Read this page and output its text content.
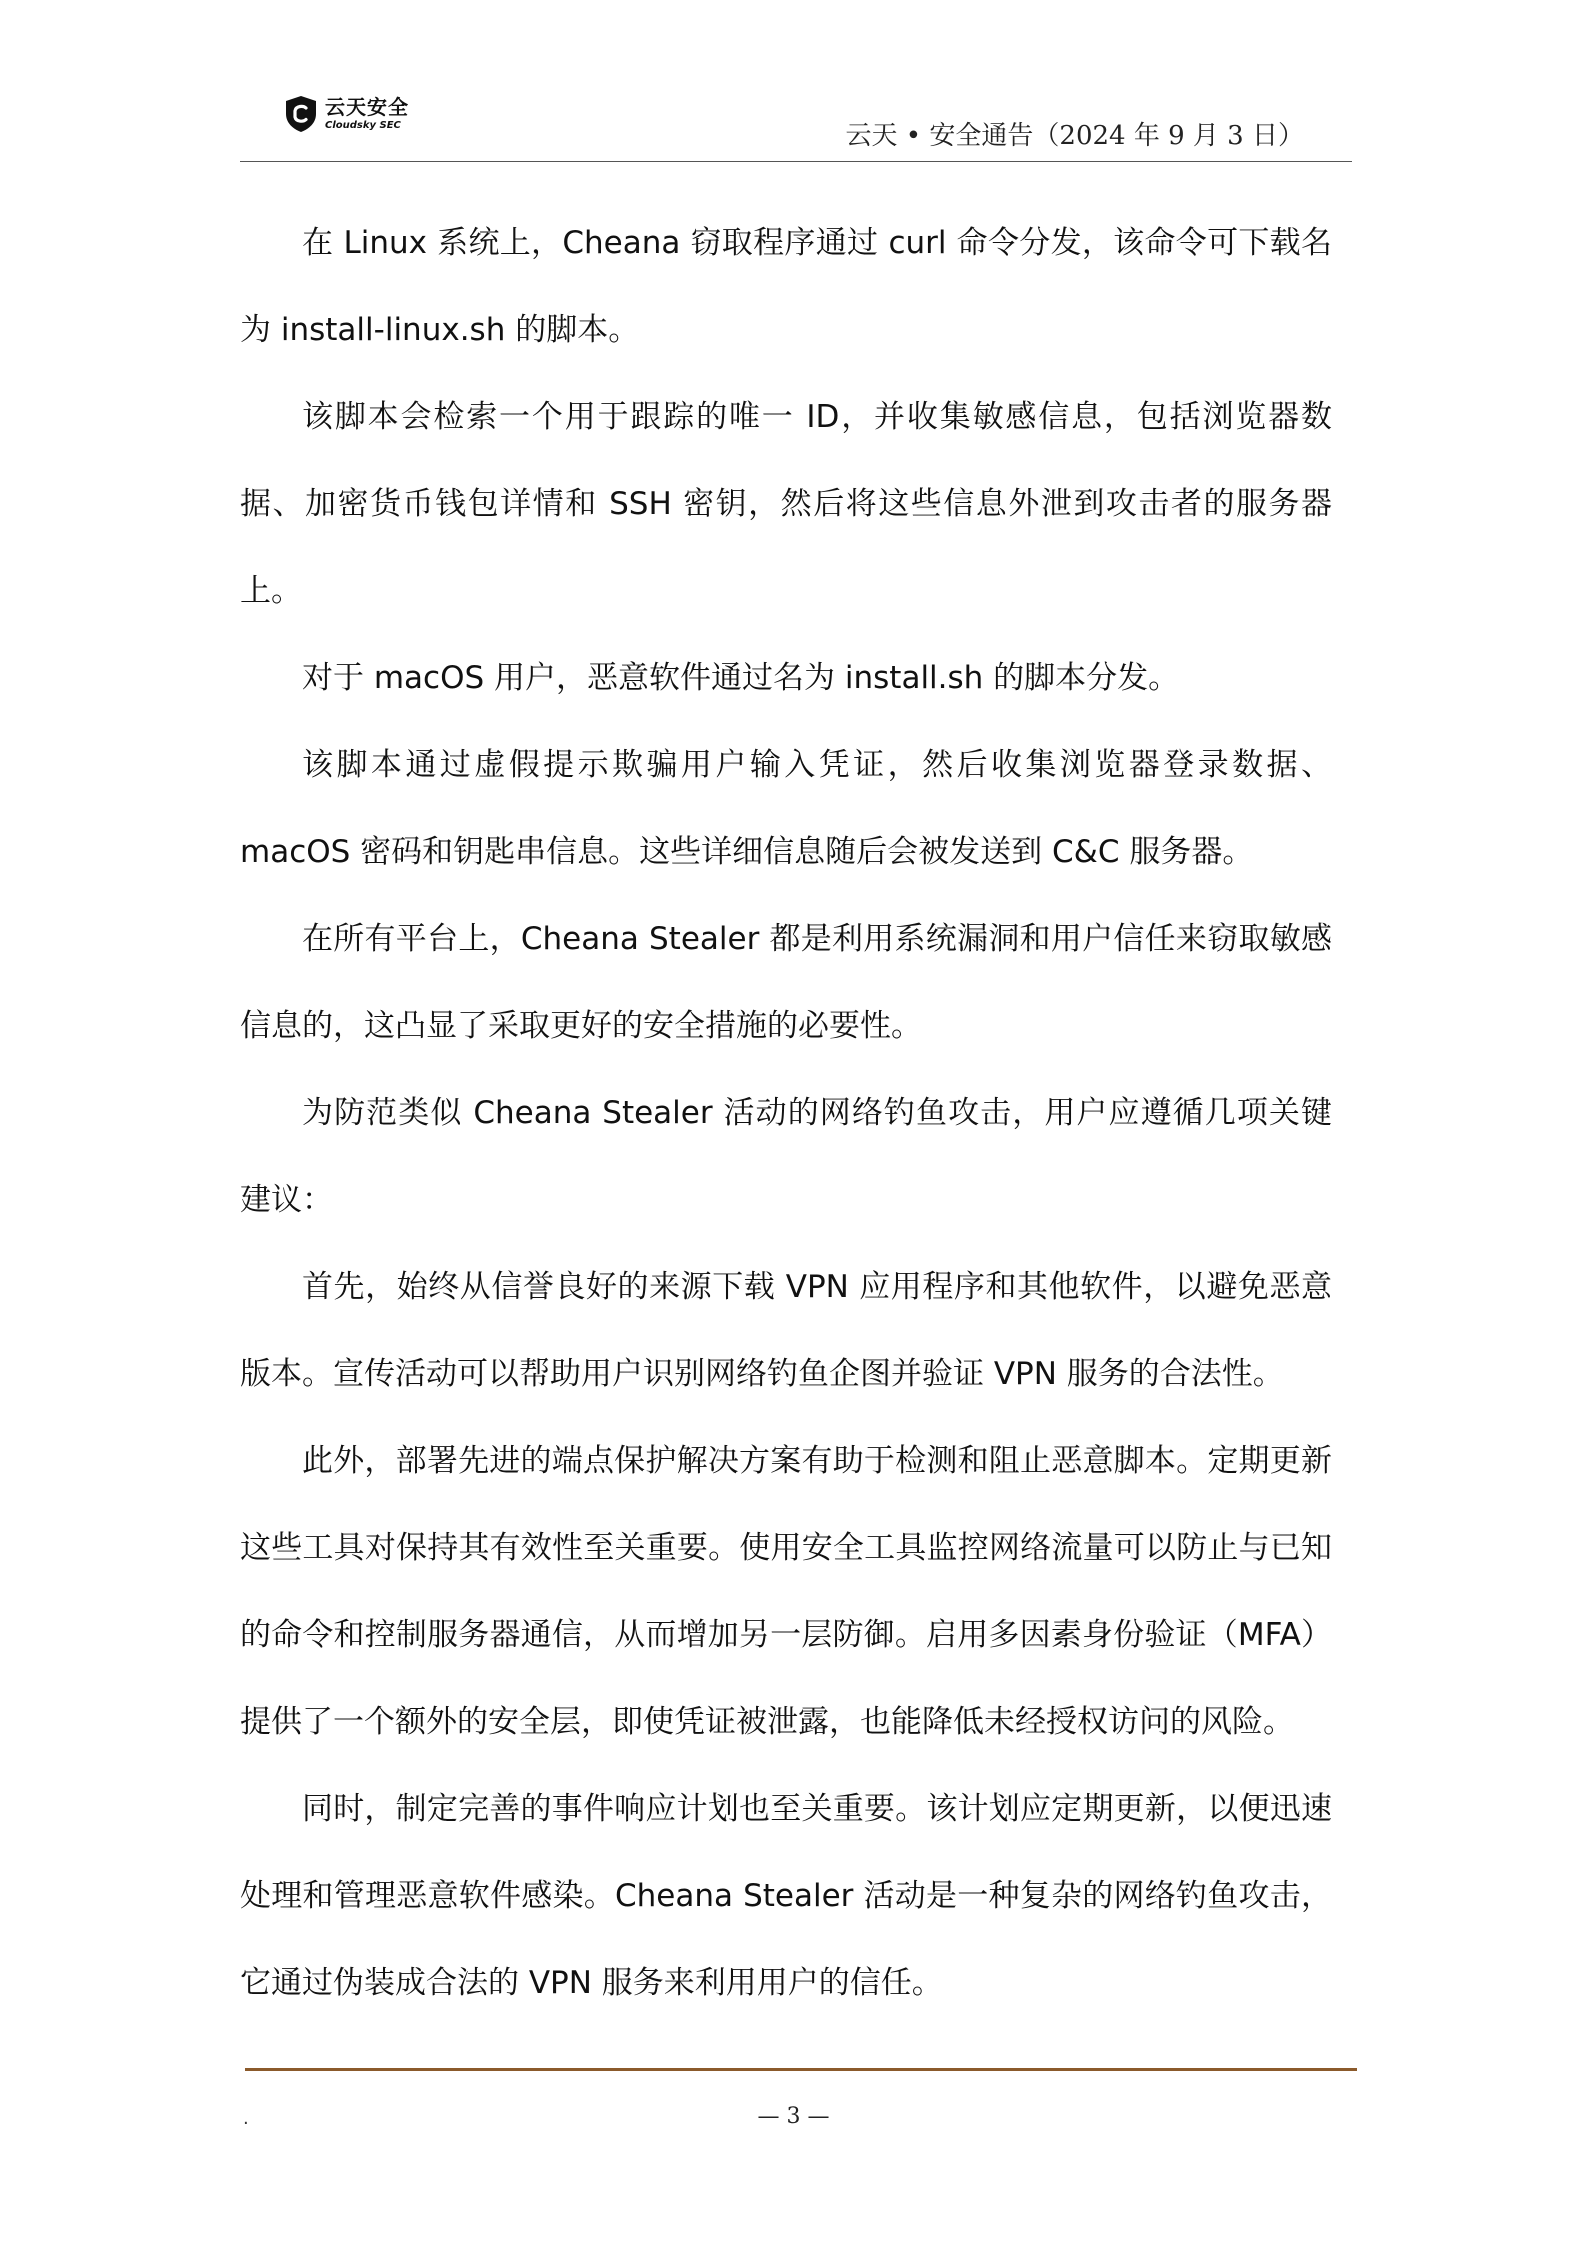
云天安全
Cloudsky SEC	云天 • 安全通告（2024 年 9 月 3 日）

在 Linux 系统上，Cheana 窃取程序通过 curl 命令分发，该命令可下载名为 install-linux.sh 的脚本。

该脚本会检索一个用于跟踪的唯一 ID，并收集敏感信息，包括浏览器数据、加密货币钱包详情和 SSH 密钥，然后将这些信息外泄到攻击者的服务器上。

对于 macOS 用户，恶意软件通过名为 install.sh 的脚本分发。

该脚本通过虚假提示欺骗用户输入凭证，然后收集浏览器登录数据、macOS 密码和钥匙串信息。这些详细信息随后会被发送到 C&C 服务器。

在所有平台上，Cheana Stealer 都是利用系统漏洞和用户信任来窃取敏感信息的，这凸显了采取更好的安全措施的必要性。

为防范类似 Cheana Stealer 活动的网络钓鱼攻击，用户应遵循几项关键建议：

首先，始终从信誉良好的来源下载 VPN 应用程序和其他软件，以避免恶意版本。宣传活动可以帮助用户识别网络钓鱼企图并验证 VPN 服务的合法性。

此外，部署先进的端点保护解决方案有助于检测和阻止恶意脚本。定期更新这些工具对保持其有效性至关重要。使用安全工具监控网络流量可以防止与已知的命令和控制服务器通信，从而增加另一层防御。启用多因素身份验证（MFA）提供了一个额外的安全层，即使凭证被泄露，也能降低未经授权访问的风险。

同时，制定完善的事件响应计划也至关重要。该计划应定期更新，以便迅速处理和管理恶意软件感染。Cheana Stealer 活动是一种复杂的网络钓鱼攻击，它通过伪装成合法的 VPN 服务来利用用户的信任。

.	— 3 —
